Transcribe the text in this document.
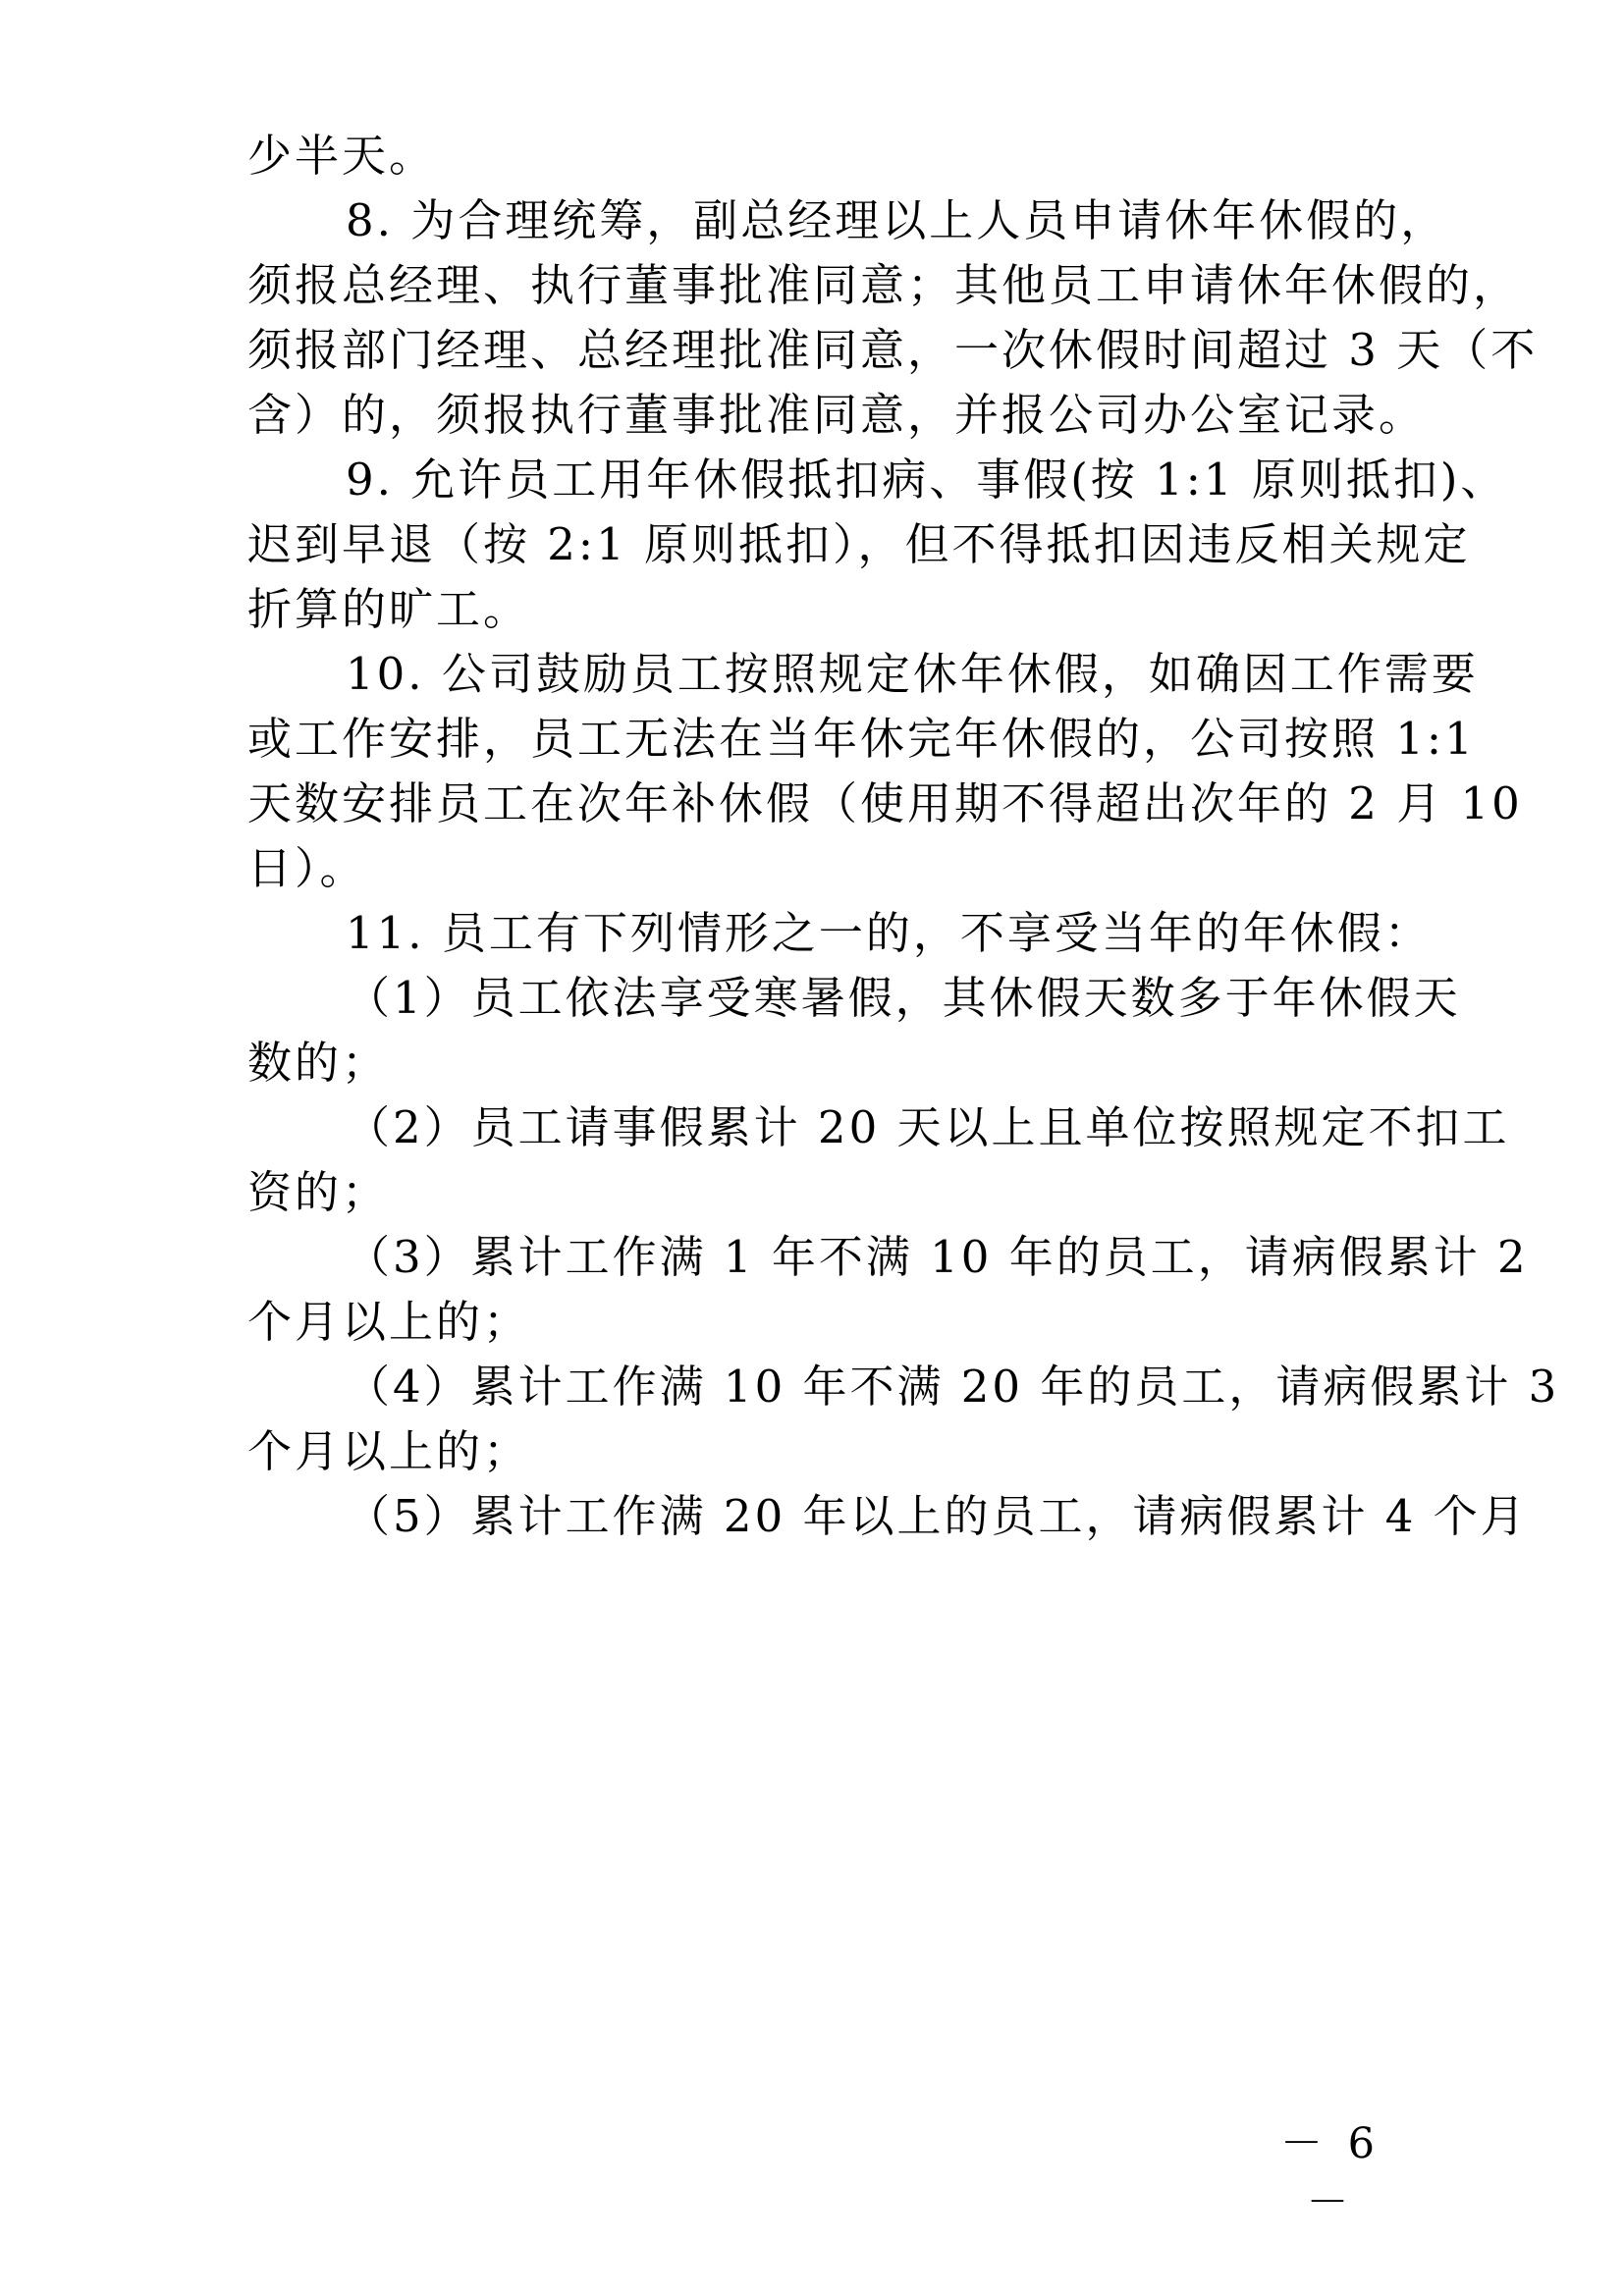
少半天。
8. 为合理统筹，副总经理以上人员申请休年休假的，
须报总经理、执行董事批准同意；其他员工申请休年休假的，
须报部门经理、总经理批准同意，一次休假时间超过 3 天（不
含）的，须报执行董事批准同意，并报公司办公室记录。
9. 允许员工用年休假抵扣病、事假(按 1:1 原则抵扣)、
迟到早退（按 2:1 原则抵扣），但不得抵扣因违反相关规定
折算的旷工。
10. 公司鼓励员工按照规定休年休假，如确因工作需要
或工作安排，员工无法在当年休完年休假的，公司按照 1:1
天数安排员工在次年补休假（使用期不得超出次年的 2 月 10
日）。
11. 员工有下列情形之一的，不享受当年的年休假：
（1）员工依法享受寒暑假，其休假天数多于年休假天
数的；
（2）员工请事假累计 20 天以上且单位按照规定不扣工
资的；
（3）累计工作满 1 年不满 10 年的员工，请病假累计 2
个月以上的；
（4）累计工作满 10 年不满 20 年的员工，请病假累计 3
个月以上的；
（5）累计工作满 20 年以上的员工，请病假累计 4 个月
－ 6 －
